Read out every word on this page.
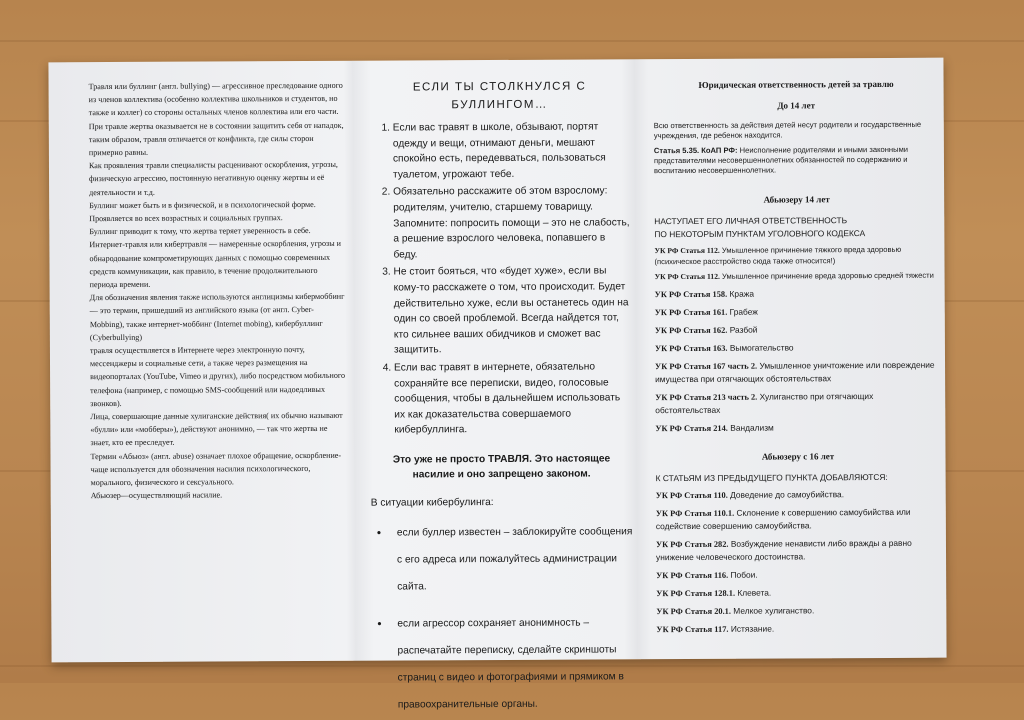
Травля или буллинг (англ. bullying) — агрессивное преследование одного из членов коллектива (особенно коллектива школьников и студентов, но также и коллег) со стороны остальных членов коллектива или его части. При травле жертва оказывается не в состоянии защитить себя от нападок, таким образом, травля отличается от конфликта, где силы сторон примерно равны.

Как проявления травли специалисты расценивают оскорбления, угрозы, физическую агрессию, постоянную негативную оценку жертвы и её деятельности и т.д.

Буллинг может быть и в физической, и в психологической форме. Проявляется во всех возрастных и социальных группах.

Буллинг приводит к тому, что жертва теряет уверенность в себе.

Интернет-травля или кибертравля — намеренные оскорбления, угрозы и обнародование компрометирующих данных с помощью современных средств коммуникации, как правило, в течение продолжительного периода времени.

Для обозначения явления также используются англицизмы кибермоббинг — это термин, пришедший из английского языка (от англ. Cyber-Mobbing), также интернет-моббинг (Internet mobing), кибербуллинг (Cyberbullying)

травля осуществляется в Интернете через электронную почту, мессенджеры и социальные сети, а также через размещения на видеопорталах (YouTube, Vimeo и других), либо посредством мобильного телефона (например, с помощью SMS-сообщений или надоедливых звонков).

Лица, совершающие данные хулиганские действия( их обычно называют «булли» или «мобберы»), действуют анонимно, — так что жертва не знает, кто ее преследует.

Термин «Абьюз» (англ. abuse) означает плохое обращение, оскорбление-чаще используется для обозначения насилия психологического, морального, физического и сексуального.

Абьюзер—осуществляющий насилие.

ЕСЛИ ТЫ СТОЛКНУЛСЯ С
БУЛЛИНГОМ…
1. Если вас травят в школе, обзывают, портят одежду и вещи, отнимают деньги, мешают спокойно есть, передевваться, пользоваться туалетом, угрожают тебе.
2. Обязательно расскажите об этом взрослому: родителям, учителю, старшему товарищу. Запомните: попросить помощи – это не слабость, а решение взрослого человека, попавшего в беду.
3. Не стоит бояться, что «будет хуже», если вы кому-то расскажете о том, что происходит. Будет действительно хуже, если вы останетесь один на один со своей проблемой. Всегда найдется тот, кто сильнее ваших обидчиков и сможет вас защитить.
4. Если вас травят в интернете, обязательно сохраняйте все переписки, видео, голосовые сообщения, чтобы в дальнейшем использовать их как доказательства совершаемого кибербуллинга.

Это уже не просто ТРАВЛЯ. Это настоящее насилие и оно запрещено законом.

В ситуации кибербулинга:

• если буллер известен – заблокируйте сообщения с его адреса или пожалуйтесь администрации сайта.
• если агрессор сохраняет анонимность – распечатайте переписку, сделайте скриншоты страниц с видео и фотографиями и прямиком в правоохранительные органы.

Юридическая ответственность детей за травлю

До 14 лет

Всю ответственность за действия детей несут родители и государственные учреждения, где ребенок находится.

Статья 5.35. КоАП РФ: Неисполнение родителями и иными законными представителями несовершеннолетних обязанностей по содержанию и воспитанию несовершеннолетних.

Абьюзеру 14 лет

НАСТУПАЕТ ЕГО ЛИЧНАЯ ОТВЕТСТВЕННОСТЬ

ПО НЕКОТОРЫМ ПУНКТАМ УГОЛОВНОГО КОДЕКСА

УК РФ Статья 112. Умышленное причинение тяжкого вреда здоровью (психическое расстройство сюда также относится!)

УК РФ Статья 112. Умышленное причинение вреда здоровью средней тяжести

УК РФ Статья 158. Кража

УК РФ Статья 161. Грабеж

УК РФ Статья 162. Разбой

УК РФ Статья 163. Вымогательство

УК РФ Статья 167 часть 2. Умышленное уничтожение или повреждение имущества при отягчающих обстоятельствах

УК РФ Статья 213 часть 2. Хулиганство при отягчающих обстоятельствах

УК РФ Статья 214. Вандализм

Абьюзеру с 16 лет

К СТАТЬЯМ ИЗ ПРЕДЫДУЩЕГО ПУНКТА ДОБАВЛЯЮТСЯ:

УК РФ Статья 110. Доведение до самоубийства.

УК РФ Статья 110.1. Склонение к совершению самоубийства или содействие совершению самоубийства.

УК РФ Статья 282. Возбуждение ненависти либо вражды а равно унижение человеческого достоинства.

УК РФ Статья 116. Побои.

УК РФ Статья 128.1. Клевета.

УК РФ Статья 20.1. Мелкое хулиганство.

УК РФ Статья 117. Истязание.
